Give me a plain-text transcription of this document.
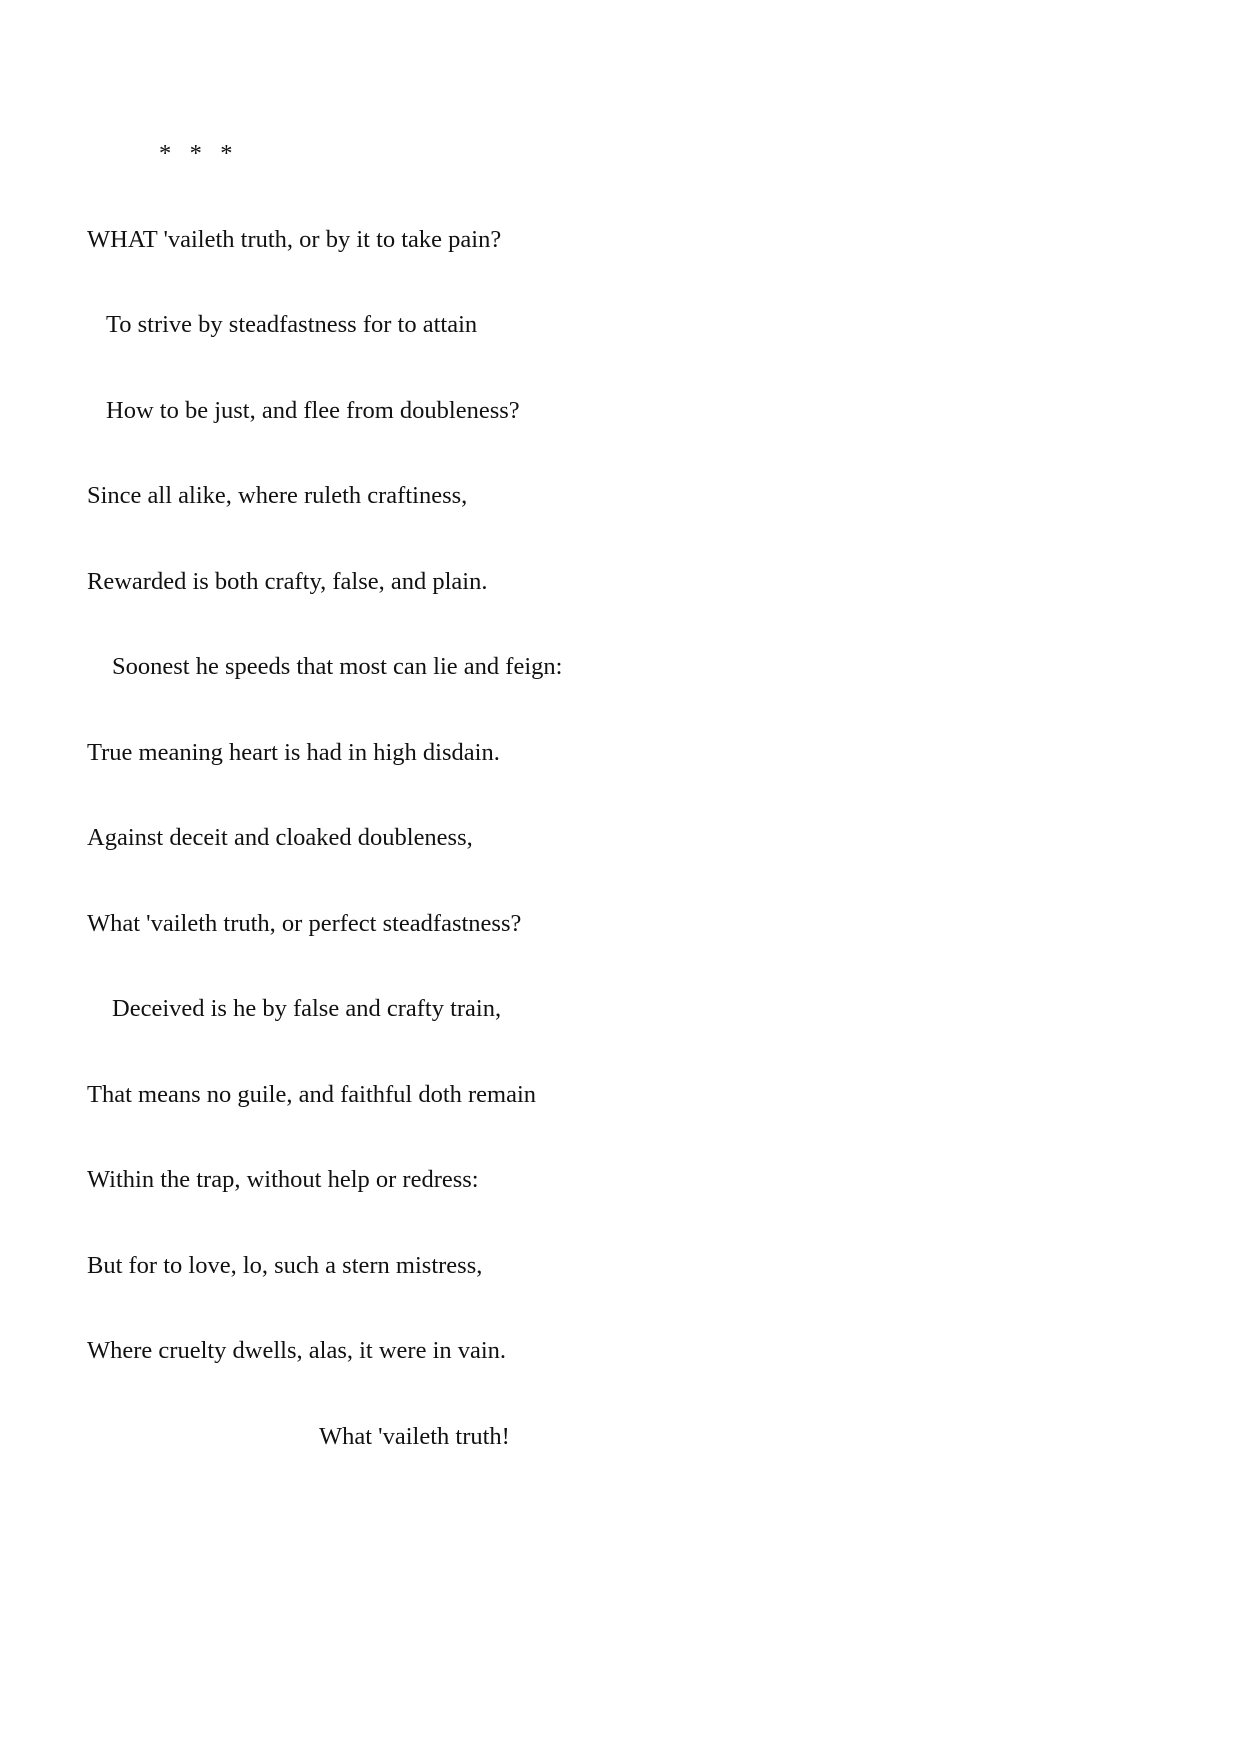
*   *   *

WHAT 'vaileth truth, or by it to take pain?

To strive by steadfastness for to attain

How to be just, and flee from doubleness?

Since all alike, where ruleth craftiness,

Rewarded is both crafty, false, and plain.

Soonest he speeds that most can lie and feign:

True meaning heart is had in high disdain.

Against deceit and cloaked doubleness,

What 'vaileth truth, or perfect steadfastness?

Deceived is he by false and crafty train,

That means no guile, and faithful doth remain

Within the trap, without help or redress:

But for to love, lo, such a stern mistress,

Where cruelty dwells, alas, it were in vain.

What 'vaileth truth!
